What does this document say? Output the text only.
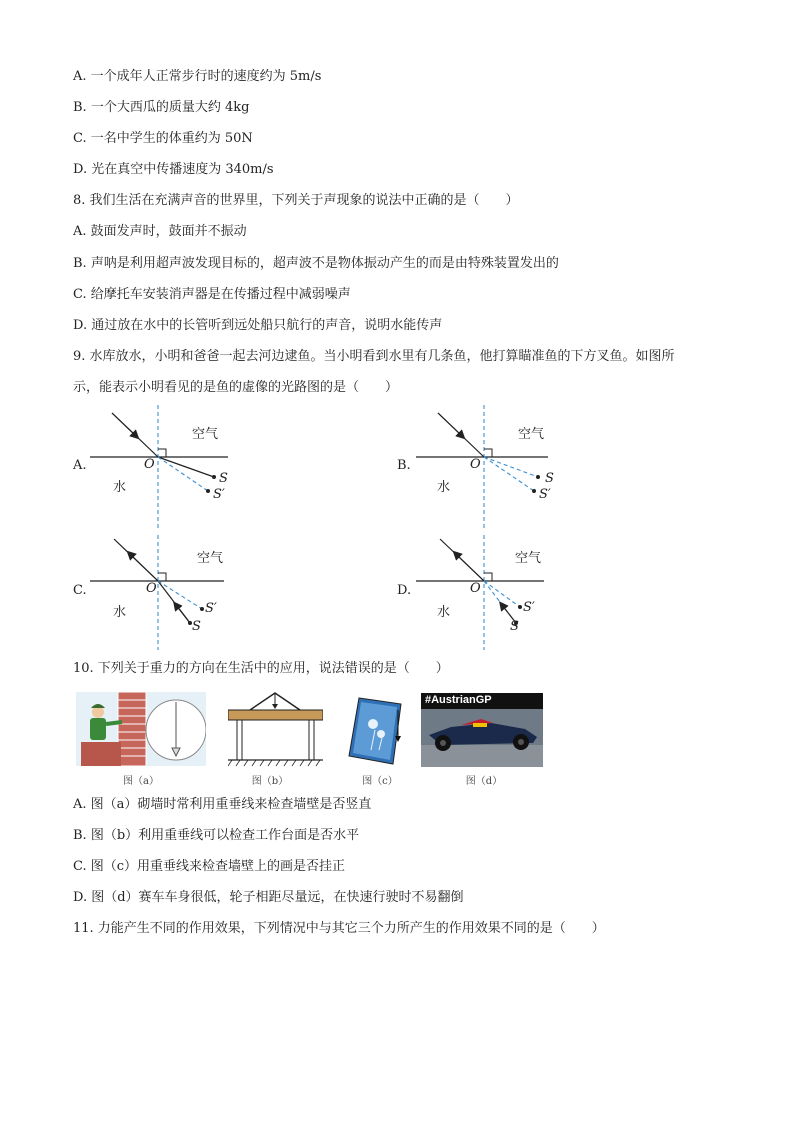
A. 一个成年人正常步行时的速度约为 5m/s
B. 一个大西瓜的质量大约 4kg
C. 一名中学生的体重约为 50N
D. 光在真空中传播速度为 340m/s
8. 我们生活在充满声音的世界里，下列关于声现象的说法中正确的是（　　）
A. 鼓面发声时，鼓面并不振动
B. 声呐是利用超声波发现目标的，超声波不是物体振动产生的而是由特殊装置发出的
C. 给摩托车安装消声器是在传播过程中减弱噪声
D. 通过放在水中的长管听到远处船只航行的声音，说明水能传声
9. 水库放水，小明和爸爸一起去河边逮鱼。当小明看到水里有几条鱼，他打算瞄准鱼的下方叉鱼。如图所
示，能表示小明看见的是鱼的虚像的光路图的是（　　）
A.
空气
水
O
S
S′
B.
空气
水
O
S
S′
C.
空气
水
O
S′
S
D.
空气
水
O
S′
S
10. 下列关于重力的方向在生活中的应用，说法错误的是（　　）
#AustrianGP
图（a）	图（b）	图（c）	图（d）
A. 图（a）砌墙时常利用重垂线来检查墙壁是否竖直
B. 图（b）利用重垂线可以检查工作台面是否水平
C. 图（c）用重垂线来检查墙壁上的画是否挂正
D. 图（d）赛车车身很低，轮子相距尽量远，在快速行驶时不易翻倒
11. 力能产生不同的作用效果，下列情况中与其它三个力所产生的作用效果不同的是（　　）
